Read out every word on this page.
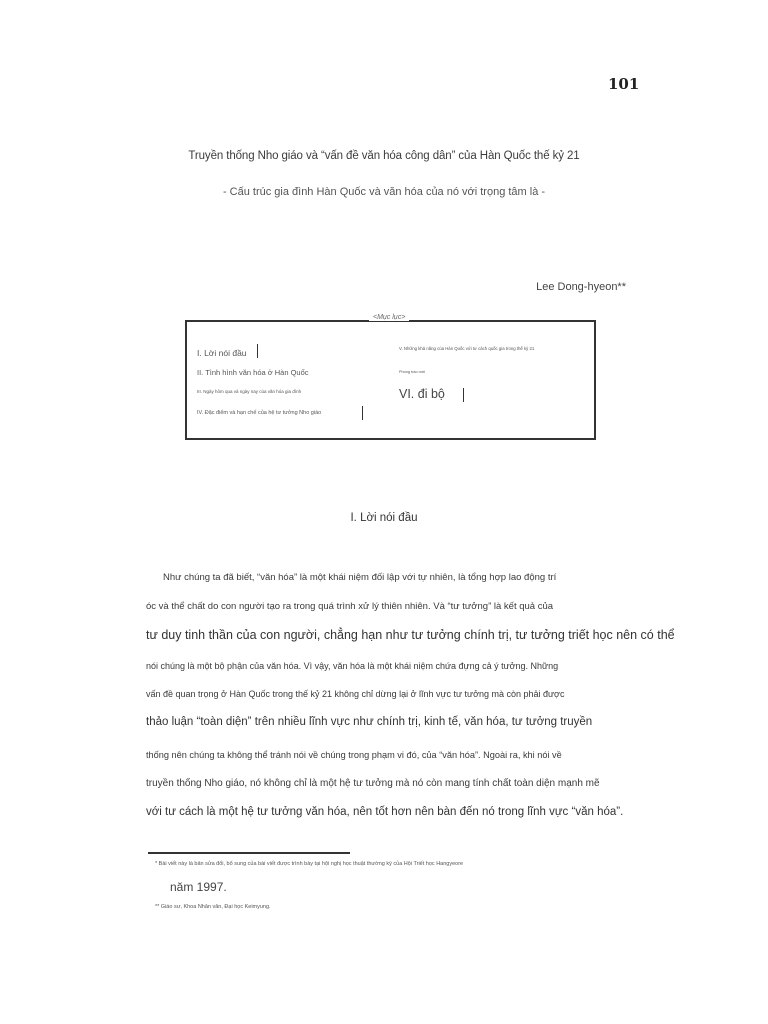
101
Truyền thống Nho giáo và “vấn đề văn hóa công dân” của Hàn Quốc thế kỷ 21
- Cấu trúc gia đình Hàn Quốc và văn hóa của nó với trọng tâm là -
Lee Dong-hyeon**
<Mục lục>
I. Lời nói đầu
II. Tình hình văn hóa ở Hàn Quốc
III. Ngày hôm qua và ngày nay của văn hóa gia đình
IV. Đặc điểm và hạn chế của hệ tư tưởng Nho giáo
V. Những khả năng của Hàn Quốc với tư cách quốc gia trong thế kỷ 21
Phong trào mới
VI. đi bộ
I. Lời nói đầu
Như chúng ta đã biết, “văn hóa” là một khái niệm đối lập với tự nhiên, là tổng hợp lao động trí
óc và thể chất do con người tạo ra trong quá trình xử lý thiên nhiên. Và “tư tưởng” là kết quả của
tư duy tinh thần của con người, chẳng hạn như tư tưởng chính trị, tư tưởng triết học nên có thể
nói chúng là một bộ phận của văn hóa. Vì vậy, văn hóa là một khái niệm chứa đựng cả ý tưởng. Những
vấn đề quan trọng ở Hàn Quốc trong thế kỷ 21 không chỉ dừng lại ở lĩnh vực tư tưởng mà còn phải được
thảo luận “toàn diện” trên nhiều lĩnh vực như chính trị, kinh tế, văn hóa, tư tưởng truyền
thống nên chúng ta không thể tránh nói về chúng trong phạm vi đó, của “văn hóa”. Ngoài ra, khi nói về
truyền thống Nho giáo, nó không chỉ là một hệ tư tưởng mà nó còn mang tính chất toàn diện mạnh mẽ
với tư cách là một hệ tư tưởng văn hóa, nên tốt hơn nên bàn đến nó trong lĩnh vực “văn hóa”.
* Bài viết này là bản sửa đổi, bổ sung của bài viết được trình bày tại hội nghị học thuật thường kỳ của Hội Triết học Hangyeore
năm 1997.
** Giáo sư, Khoa Nhân văn, Đại học Keimyung.
